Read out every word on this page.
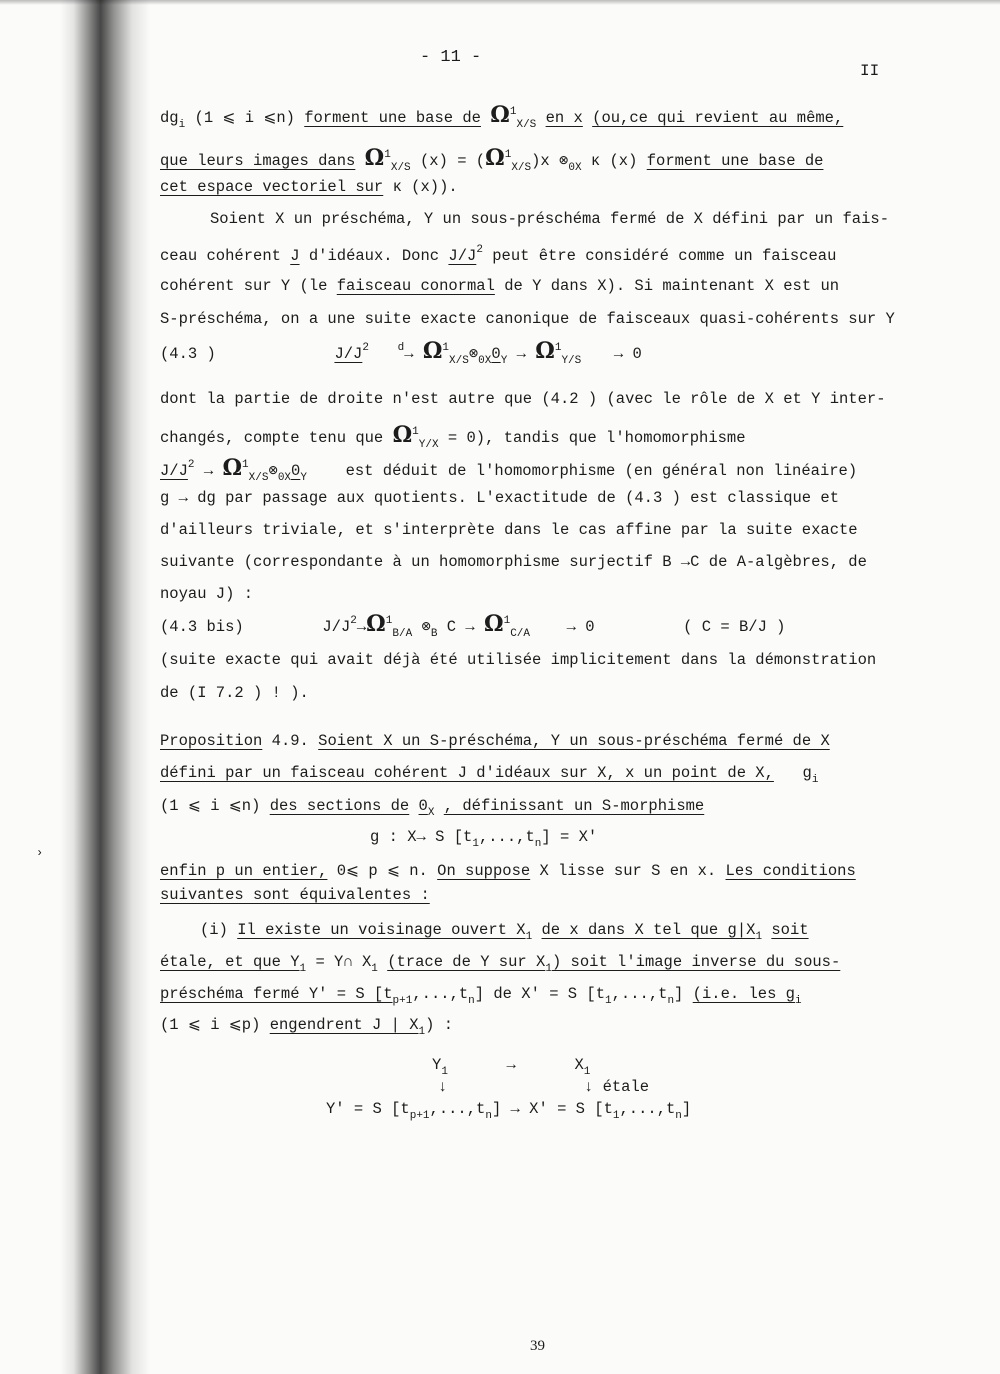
- 11 -
II
›
$dg_i$ (1 ⩽ i ⩽n) forment une base de $\Omega^1_{X/S}$ en x (ou,ce qui revient au même,
que leurs images dans $\Omega^1_{X/S}$ $(x) = (\Omega^1_{X/S})x$ $\otimes_{0X}$ κ (x) forment une base de
cet espace vectoriel sur κ (x)).
Soient X un préschéma, Y un sous-préschéma fermé de X défini par un fais-
ceau cohérent J d'idéaux. Donc $J/J^2$ peut être considéré comme un faisceau
cohérent sur Y (le faisceau conormal de Y dans X). Si maintenant X est un
S-préschéma, on a une suite exacte canonique de faisceaux quasi-cohérents sur Y
(4.3 )	$J/J^2$	$^d\to \Omega^1_{X/S}\otimes_{0X}0_Y \to \Omega^1_{Y/S} \to 0$
dont la partie de droite n'est autre que (4.2 ) (avec le rôle de X et Y inter-
changés, compte tenu que $\Omega^1_{Y/X} = 0$), tandis que l'homomorphisme
$J/J^2$ → $\Omega^1_{X/S}\otimes_{0X}0_Y$ est déduit de l'homomorphisme (en général non linéaire)
g → dg par passage aux quotients. L'exactitude de (4.3 ) est classique et
d'ailleurs triviale, et s'interprète dans le cas affine par la suite exacte
suivante (correspondante à un homomorphisme surjectif B →C de A-algèbres, de
noyau J) :
(4.3 bis)	$J/J^2\to\Omega^1_{B/A}$ $\otimes_B$ $C \to \Omega^1_{C/A} \to 0$	( C = B/J )
(suite exacte qui avait déjà été utilisée implicitement dans la démonstration
de (I 7.2 ) ! ).
Proposition 4.9. Soient X un S-préschéma, Y un sous-préschéma fermé de X
défini par un faisceau cohérent J d'idéaux sur X, x un point de X, $g_i$
(1 ⩽ i ⩽n) des sections de $0_X$ , définissant un S-morphisme
g : X→ S $[t_1,...,t_n] = X'$
enfin p un entier, 0⩽ p ⩽ n. On suppose X lisse sur S en x. Les conditions
suivantes sont équivalentes :
(i) Il existe un voisinage ouvert $X_1$ de x dans X tel que $g|X_1$ soit
étale, et que $Y_1$ = Y∩ $X_1$ (trace de Y sur $X_1$) soit l'image inverse du sous-
préschéma fermé Y' = S $[t_{p+1},...,t_n]$ de X' = S $[t_1,...,t_n]$ (i.e. les $g_i$
(1 ⩽ i ⩽p) engendrent J | $X_1$) :
$Y_1$	→	$X_1$
↓	↓ étale
Y' = S $[t_{p+1},...,t_n] \to X' = S$ $[t_1,...,t_n]$
39
